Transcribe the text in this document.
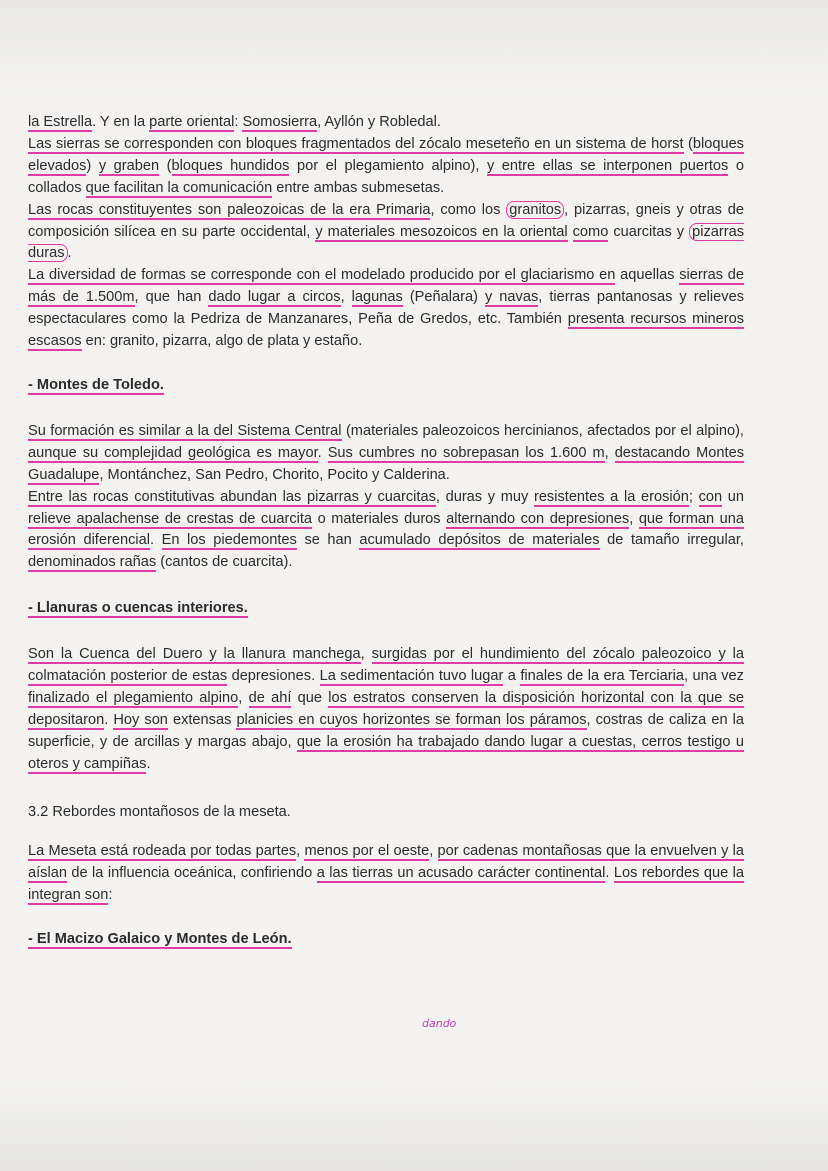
la Estrella. Y en la parte oriental: Somosierra, Ayllón y Robledal.
Las sierras se corresponden con bloques fragmentados del zócalo meseteño en un sistema de horst (bloques elevados) y graben (bloques hundidos por el plegamiento alpino), y entre ellas se interponen puertos o collados que facilitan la comunicación entre ambas submesetas.

Las rocas constituyentes son paleozoicas de la era Primaria, como los granitos , pizarras, gneis y otras de composición silícea en su parte occidental, y materiales mesozoicos en la oriental como cuarcitas y pizarras duras .

La diversidad de formas se corresponde con el modelado producido por el glaciarismo en aquellas sierras de más de 1.500m, que han dado lugar a circos, lagunas (Peñalara) y navas, tierras pantanosas y relieves espectaculares como la Pedriza de Manzanares, Peña de Gredos, etc. También presenta recursos mineros escasos en: granito, pizarra, algo de plata y estaño.

- Montes de Toledo.

Su formación es similar a la del Sistema Central (materiales paleozoicos hercinianos, afectados por el alpino), aunque su complejidad geológica es mayor. Sus cumbres no sobrepasan los 1.600 m, destacando Montes Guadalupe, Montánchez, San Pedro, Chorito, Pocito y Calderina.

Entre las rocas constitutivas abundan las pizarras y cuarcitas, duras y muy resistentes a la erosión; con un relieve apalachense de crestas de cuarcita o materiales duros alternando con depresiones, que forman una erosión diferencial. En los piedemontes se han acumulado depósitos de materiales de tamaño irregular, denominados rañas (cantos de cuarcita).

- Llanuras o cuencas interiores.

Son la Cuenca del Duero y la llanura manchega, surgidas por el hundimiento del zócalo paleozoico y la colmatación posterior de estas depresiones. La sedimentación tuvo lugar a finales de la era Terciaria, una vez finalizado el plegamiento alpino, de ahí que los estratos conserven la disposición horizontal con la que se depositaron. Hoy son extensas planicies en cuyos horizontes se forman los páramos, costras de caliza en la superficie, y de arcillas y margas abajo, que la erosión ha trabajado dando lugar a cuestas, cerros testigo u oteros y campiñas.

3.2 Rebordes montañosos de la meseta.

La Meseta está rodeada por todas partes, menos por el oeste, por cadenas montañosas que la envuelven y la aíslan de la influencia oceánica, confiriendo a las tierras un acusado carácter continental. Los rebordes que la integran son:

- El Macizo Galaico y Montes de León.

dando
